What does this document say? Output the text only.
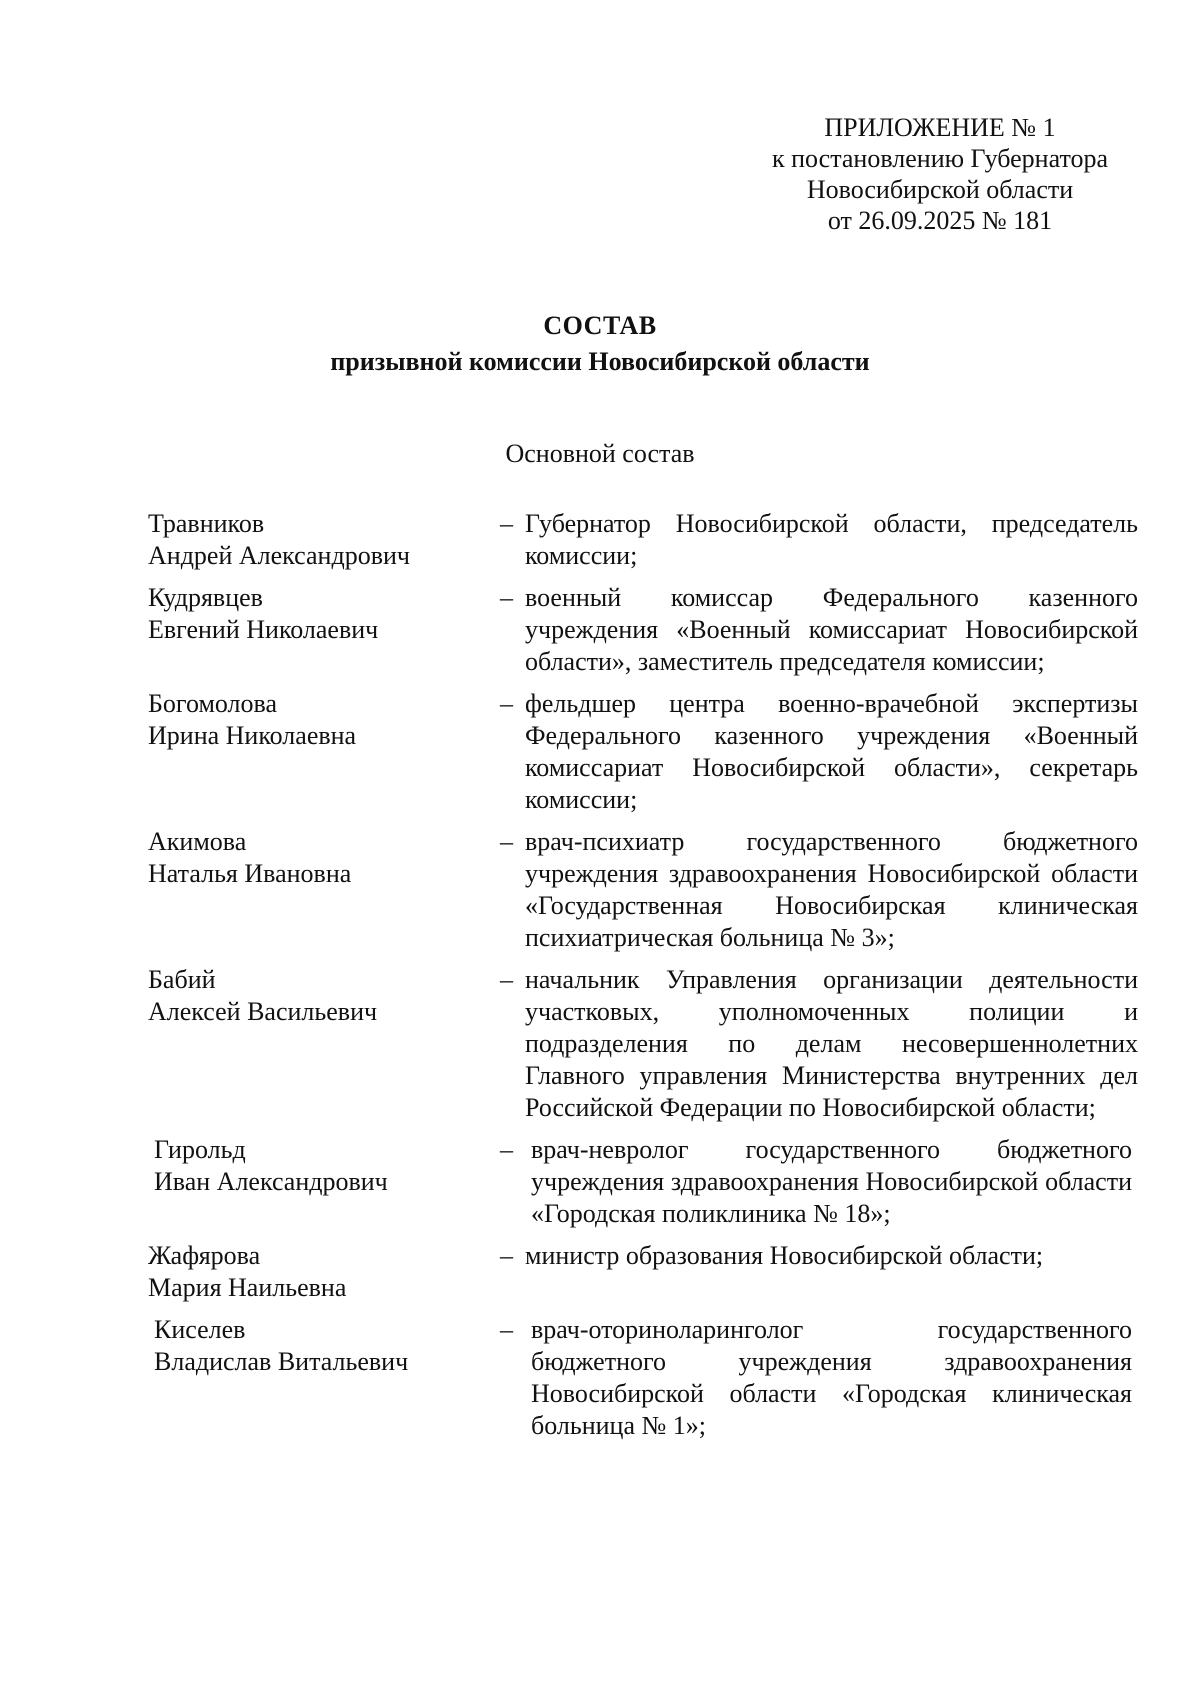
ПРИЛОЖЕНИЕ № 1
к постановлению Губернатора
Новосибирской области
от 26.09.2025 № 181
СОСТАВ
призывной комиссии Новосибирской области
Основной состав
Травников
Андрей Александрович
– Губернатор Новосибирской области, председатель комиссии;
Кудрявцев
Евгений Николаевич
– военный комиссар Федерального казенного учреждения «Военный комиссариат Новосибирской области», заместитель председателя комиссии;
Богомолова
Ирина Николаевна
– фельдшер центра военно-врачебной экспертизы Федерального казенного учреждения «Военный комиссариат Новосибирской области», секретарь комиссии;
Акимова
Наталья Ивановна
– врач-психиатр государственного бюджетного учреждения здравоохранения Новосибирской области «Государственная Новосибирская клиническая психиатрическая больница № 3»;
Бабий
Алексей Васильевич
– начальник Управления организации деятельности участковых, уполномоченных полиции и подразделения по делам несовершеннолетних Главного управления Министерства внутренних дел Российской Федерации по Новосибирской области;
Гирольд
Иван Александрович
– врач-невролог государственного бюджетного учреждения здравоохранения Новосибирской области «Городская поликлиника № 18»;
Жафярова
Мария Наильевна
– министр образования Новосибирской области;
Киселев
Владислав Витальевич
– врач-оториноларинголог государственного бюджетного учреждения здравоохранения Новосибирской области «Городская клиническая больница № 1»;
